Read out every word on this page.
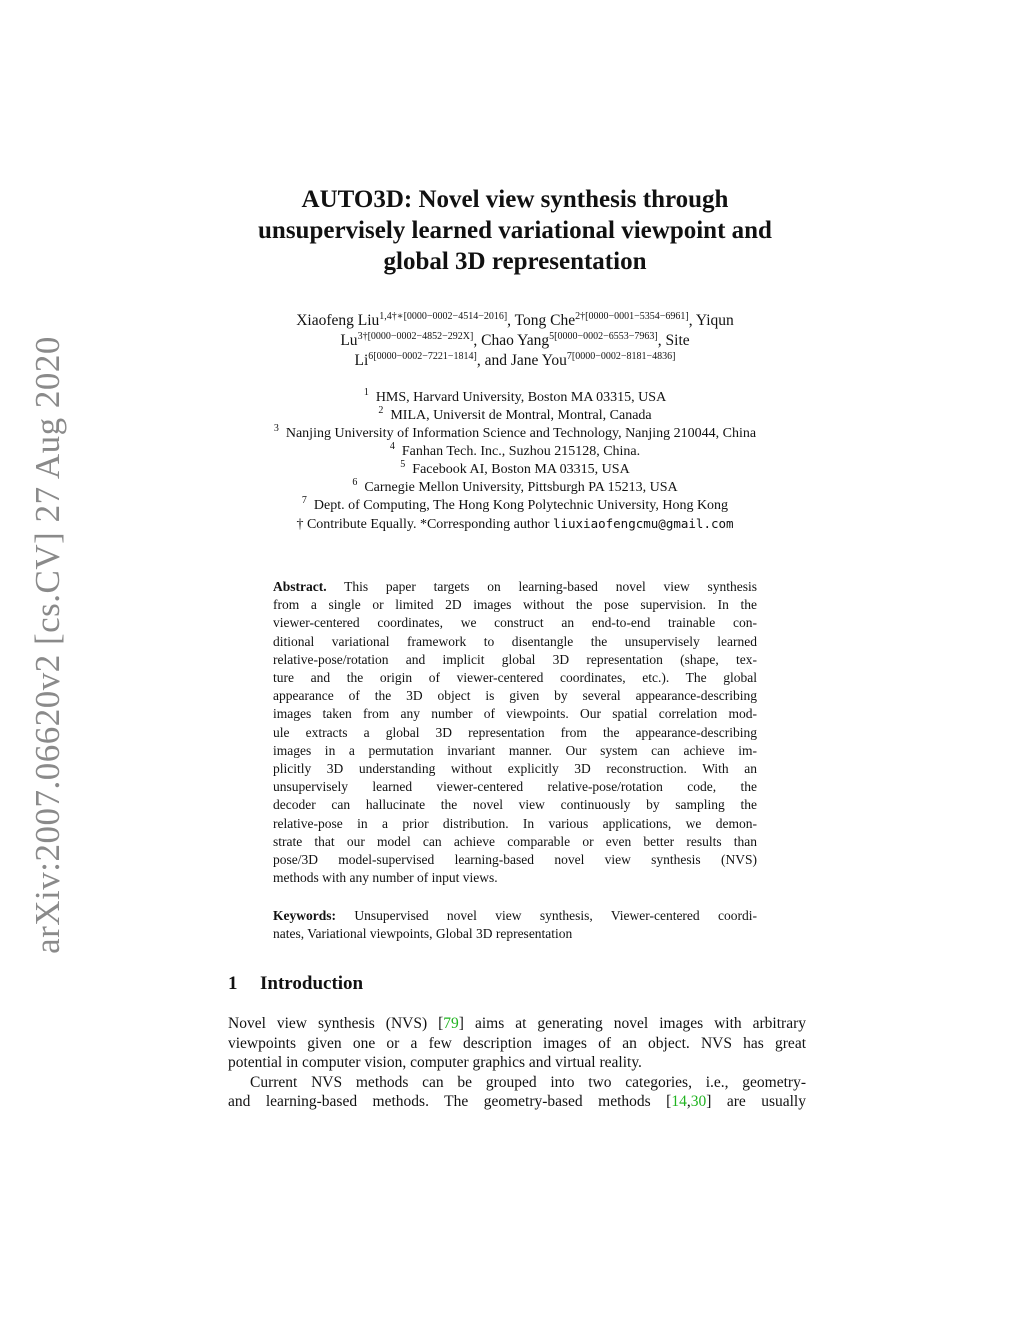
arXiv:2007.06620v2 [cs.CV] 27 Aug 2020
AUTO3D: Novel view synthesis through
unsupervisely learned variational viewpoint and
global 3D representation
Xiaofeng Liu$^{1,4\dagger∗[0000-0002-4514-2016]}$, Tong Che$^{2\dagger[0000-0001-5354-6961]}$, Yiqun
$Lu^{3\dagger[0000-0002-4852-292X]}$, Chao Yang$^{5[0000-0002-6553-7963]}$, Site
$Li^{6[0000-0002-7221-1814]}$, and Jane You$^{7[0000-0002-8181-4836]}$
$^1$ HMS, Harvard University, Boston MA 03315, USA
$^2$ MILA, Universit de Montral, Montral, Canada
$^3$ Nanjing University of Information Science and Technology, Nanjing 210044, China
$^4$ Fanhan Tech. Inc., Suzhou 215128, China.
$^5$ Facebook AI, Boston MA 03315, USA
$^6$ Carnegie Mellon University, Pittsburgh PA 15213, USA
$^7$ Dept. of Computing, The Hong Kong Polytechnic University, Hong Kong
† Contribute Equally. *Corresponding author liuxiaofengcmu@gmail.com
Abstract. This paper targets on learning-based novel view synthesis
from a single or limited 2D images without the pose supervision. In the
viewer-centered coordinates, we construct an end-to-end trainable con-
ditional variational framework to disentangle the unsupervisely learned
relative-pose/rotation and implicit global 3D representation (shape, tex-
ture and the origin of viewer-centered coordinates, etc.). The global
appearance of the 3D object is given by several appearance-describing
images taken from any number of viewpoints. Our spatial correlation mod-
ule extracts a global 3D representation from the appearance-describing
images in a permutation invariant manner. Our system can achieve im-
plicitly 3D understanding without explicitly 3D reconstruction. With an
unsupervisely learned viewer-centered relative-pose/rotation code, the
decoder can hallucinate the novel view continuously by sampling the
relative-pose in a prior distribution. In various applications, we demon-
strate that our model can achieve comparable or even better results than
pose/3D model-supervised learning-based novel view synthesis (NVS)
methods with any number of input views.
Keywords: Unsupervised novel view synthesis, Viewer-centered coordi-
nates, Variational viewpoints, Global 3D representation
1 Introduction
Novel view synthesis (NVS) [79] aims at generating novel images with arbitrary
viewpoints given one or a few description images of an object. NVS has great
potential in computer vision, computer graphics and virtual reality.
Current NVS methods can be grouped into two categories, i.e., geometry-
and learning-based methods. The geometry-based methods [14,30] are usually
